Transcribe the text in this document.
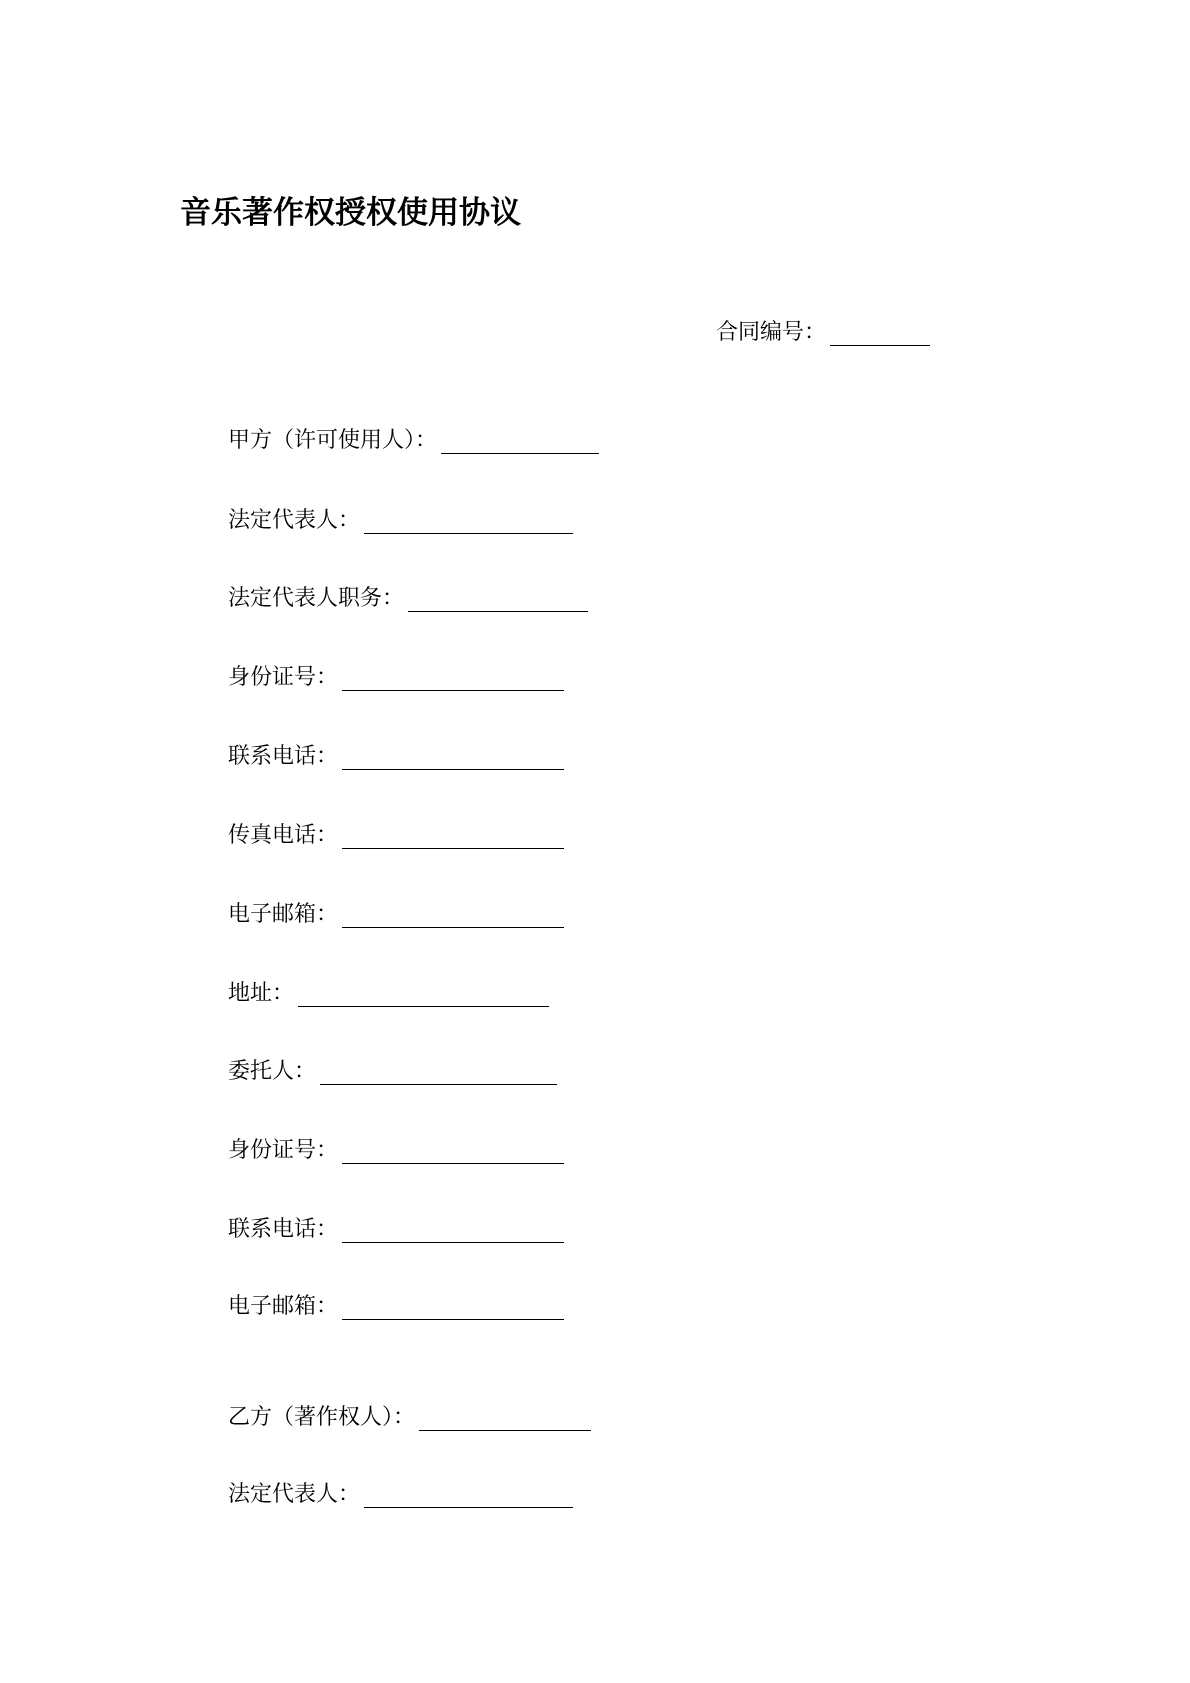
音乐著作权授权使用协议
合同编号：
甲方（许可使用人）：
法定代表人：
法定代表人职务：
身份证号：
联系电话：
传真电话：
电子邮箱：
地址：
委托人：
身份证号：
联系电话：
电子邮箱：
乙方（著作权人）：
法定代表人：
